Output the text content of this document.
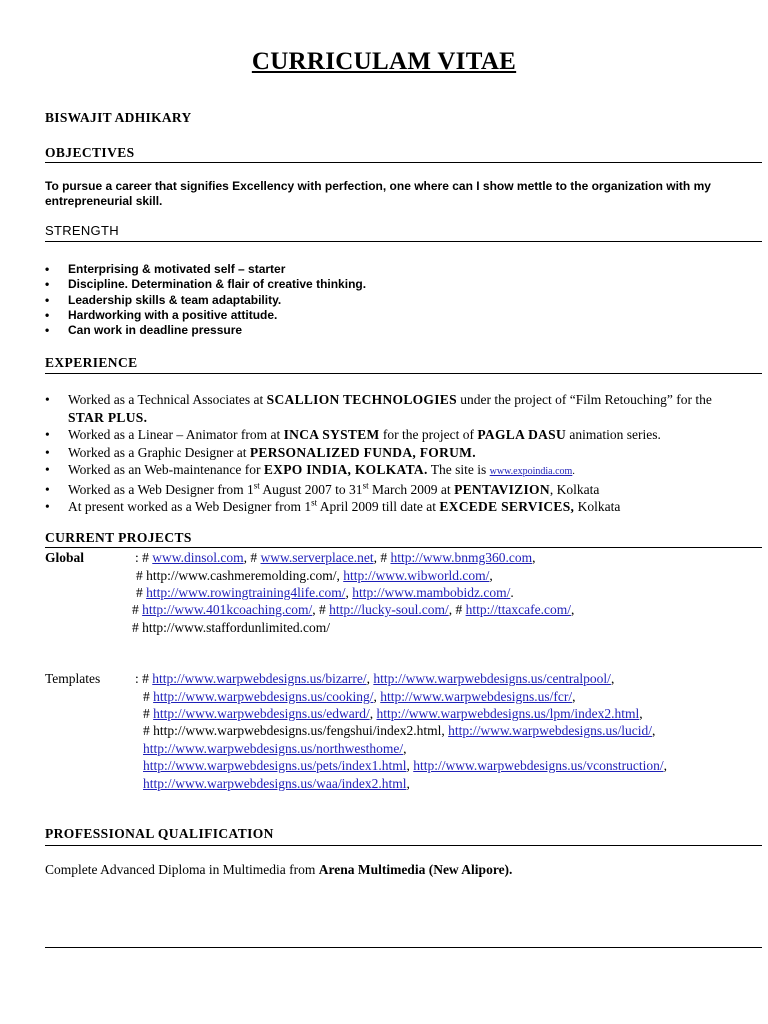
CURRICULAM VITAE
BISWAJIT ADHIKARY
OBJECTIVES
To pursue a career that signifies Excellency with perfection, one where can I show mettle to the organization with my entrepreneurial skill.
STRENGTH
• Enterprising & motivated self – starter
• Discipline. Determination & flair of creative thinking.
• Leadership skills & team adaptability.
• Hardworking with a positive attitude.
• Can work in deadline pressure
EXPERIENCE
• Worked as a Technical Associates at SCALLION TECHNOLOGIES under the project of “Film Retouching” for the STAR PLUS.
• Worked as a Linear – Animator from at INCA SYSTEM for the project of PAGLA DASU animation series.
• Worked as a Graphic Designer at PERSONALIZED FUNDA, FORUM.
• Worked as an Web-maintenance for EXPO INDIA, KOLKATA. The site is www.expoindia.com.
• Worked as a Web Designer from 1st August 2007 to 31st March 2009 at PENTAVIZION, Kolkata
• At present worked as a Web Designer from 1st April 2009 till date at EXCEDE SERVICES, Kolkata
CURRENT PROJECTS
Global	: # www.dinsol.com, # www.serverplace.net, # http://www.bnmg360.com,
# http://www.cashmeremolding.com/, http://www.wibworld.com/,
# http://www.rowingtraining4life.com/, http://www.mambobidz.com/.
# http://www.401kcoaching.com/, # http://lucky-soul.com/, # http://ttaxcafe.com/,
# http://www.staffordunlimited.com/
Templates	: # http://www.warpwebdesigns.us/bizarre/, http://www.warpwebdesigns.us/centralpool/,
# http://www.warpwebdesigns.us/cooking/, http://www.warpwebdesigns.us/fcr/,
# http://www.warpwebdesigns.us/edward/, http://www.warpwebdesigns.us/lpm/index2.html,
# http://www.warpwebdesigns.us/fengshui/index2.html, http://www.warpwebdesigns.us/lucid/,
http://www.warpwebdesigns.us/northwesthome/,
http://www.warpwebdesigns.us/pets/index1.html, http://www.warpwebdesigns.us/vconstruction/,
http://www.warpwebdesigns.us/waa/index2.html,
PROFESSIONAL QUALIFICATION
Complete Advanced Diploma in Multimedia from Arena Multimedia (New Alipore).
